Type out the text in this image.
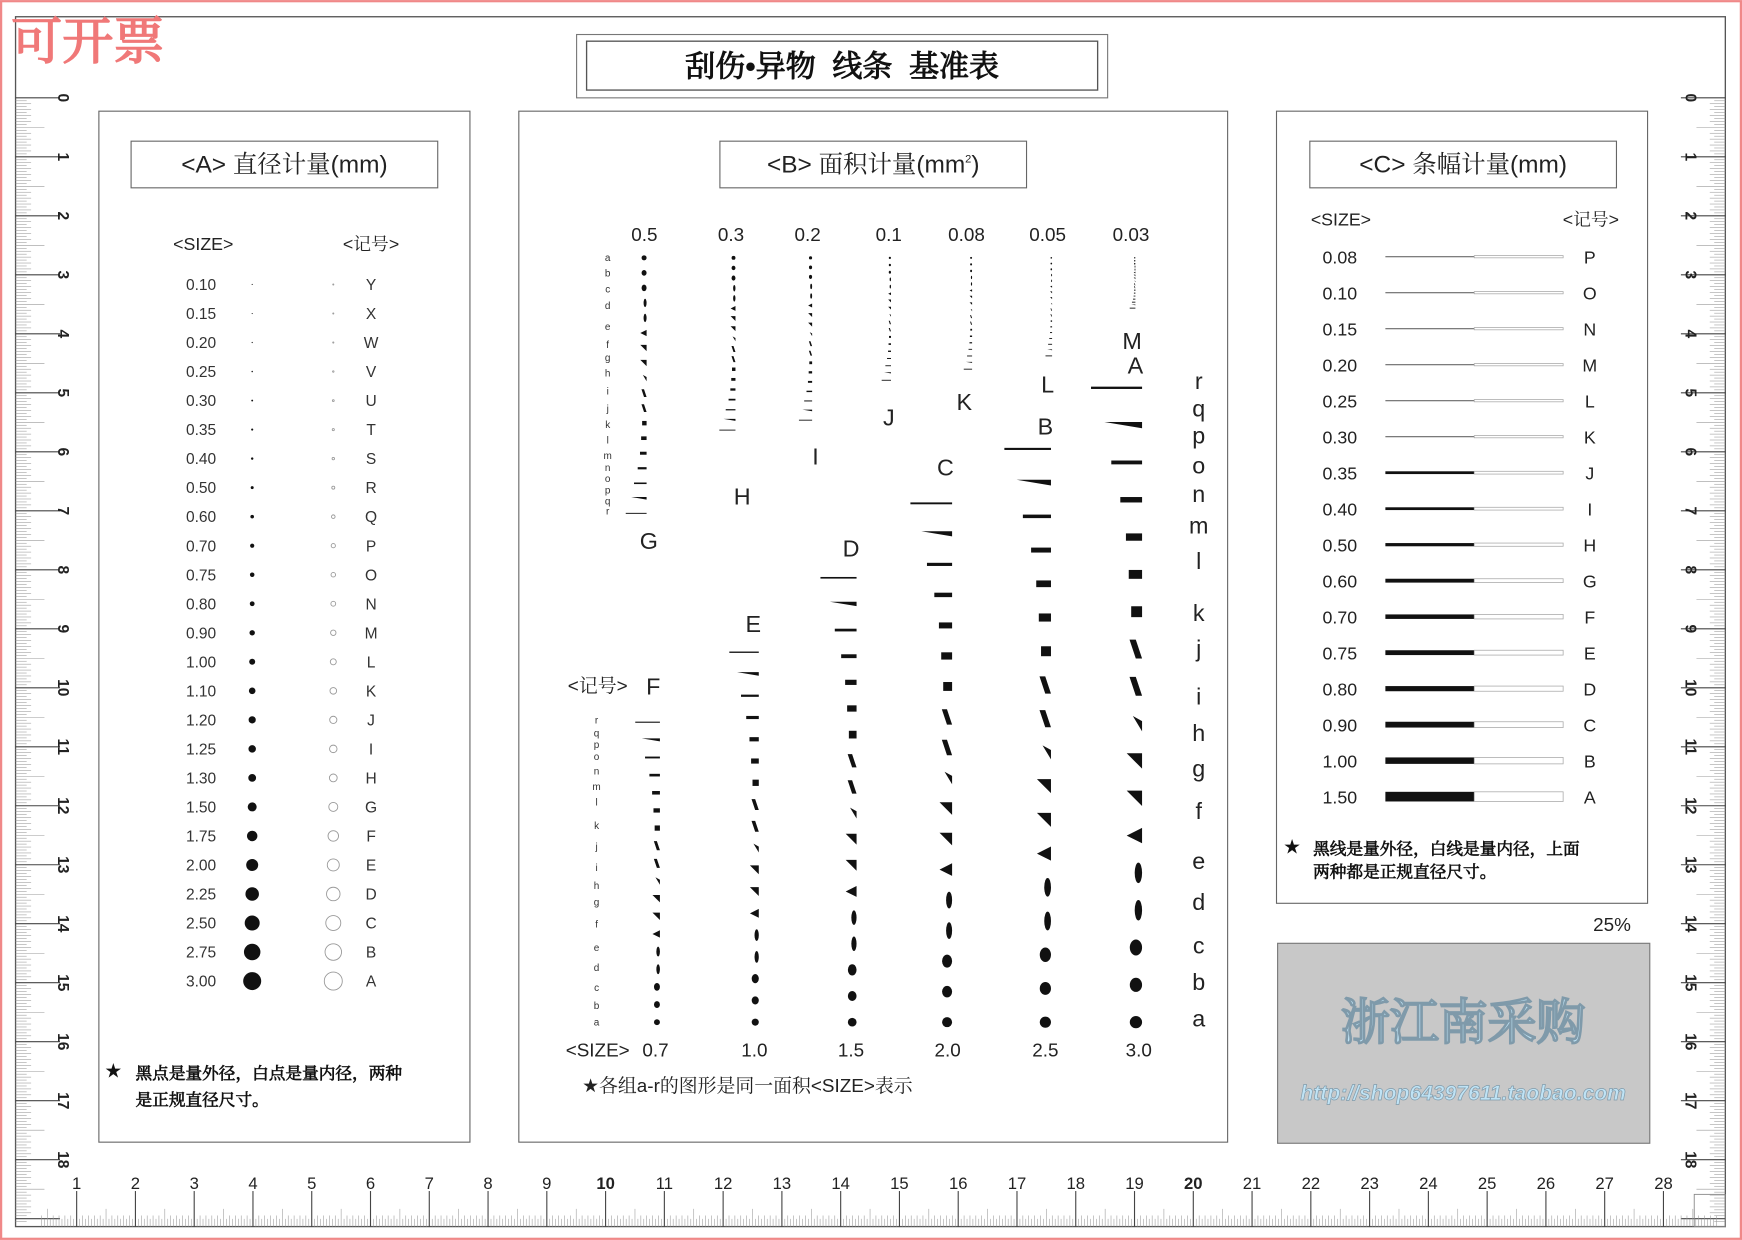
0
1
2
3
4
5
6
7
8
9
10
11
12
13
14
15
16
17
18
0
1
2
3
4
5
6
7
8
9
10
11
12
13
14
15
16
17
18
1	2	3	4	5	6	7	8	9	10	11	12	13	14	15	16	17	18	19	20	21	22	23	24	25	26	27	28
刮伤•异物  线条  基准表
<A> 直径计量(mm)
<SIZE>	<记号>
0.10	Y
0.15	X
0.20	W
0.25	V
0.30	U
0.35	T
0.40	S
0.50	R
0.60	Q
0.70	P
0.75	O
0.80	N
0.90	M
1.00	L
1.10	K
1.20	J
1.25	I
1.30	H
1.50	G
1.75	F
2.00	E
2.25	D
2.50	C
2.75	B
3.00	A
★ 黑点是量外径，白点是量内径，两种
是正规直径尺寸。
<B> 面积计量$(mm^2)$
<记号>
<SIZE>
0.5
G
0.3
H
0.2
I
0.1
J
0.08
K
0.05
L
0.03
M
0.7
F
1.0
E
1.5
D
2.0
C
2.5
B
3.0
A
a
a	a
b
b
b
c
c
c
d
d
d
e
e
e
f
f
f
g
g
g
h
h
h
i
i
i
j
j
j
k
k
k
l
l
l
m
m
m
n
n
n
o
o
o
p
p
p
q
q
q
r
r
r
★各组a-r的图形是同一面积<SIZE>表示
<C> 条幅计量(mm)
<SIZE>	<记号>
0.08	P
0.10	O
0.15	N
0.20	M
0.25	L
0.30	K
0.35	J
0.40	I
0.50	H
0.60	G
0.70	F
0.75	E
0.80	D
0.90	C
1.00	B
1.50	A
★ 黑线是量外径，白线是量内径，上面
两种都是正规直径尺寸。
25%
浙江南采购
http://shop64397611.taobao.com
可开票
